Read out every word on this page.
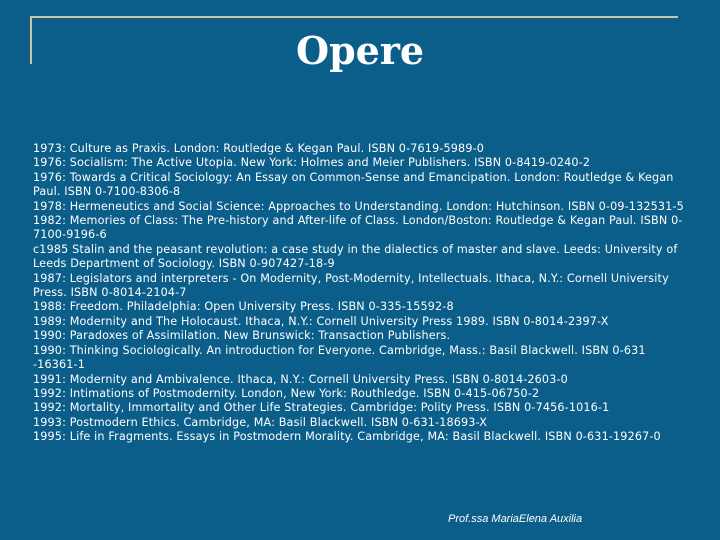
Opere
1973: Culture as Praxis. London: Routledge & Kegan Paul. ISBN 0-7619-5989-0
1976: Socialism: The Active Utopia. New York: Holmes and Meier Publishers. ISBN 0-8419-0240-2
1976: Towards a Critical Sociology: An Essay on Common-Sense and Emancipation. London: Routledge & Kegan Paul. ISBN 0-7100-8306-8
1978: Hermeneutics and Social Science: Approaches to Understanding. London: Hutchinson. ISBN 0-09-132531-5
1982: Memories of Class: The Pre-history and After-life of Class. London/Boston: Routledge & Kegan Paul. ISBN 0-7100-9196-6
c1985 Stalin and the peasant revolution: a case study in the dialectics of master and slave. Leeds: University of Leeds Department of Sociology. ISBN 0-907427-18-9
1987: Legislators and interpreters - On Modernity, Post-Modernity, Intellectuals. Ithaca, N.Y.: Cornell University Press. ISBN 0-8014-2104-7
1988: Freedom. Philadelphia: Open University Press. ISBN 0-335-15592-8
1989: Modernity and The Holocaust. Ithaca, N.Y.: Cornell University Press 1989. ISBN 0-8014-2397-X
1990: Paradoxes of Assimilation. New Brunswick: Transaction Publishers.
1990: Thinking Sociologically. An introduction for Everyone. Cambridge, Mass.: Basil Blackwell. ISBN 0-631 -16361-1
1991: Modernity and Ambivalence. Ithaca, N.Y.: Cornell University Press. ISBN 0-8014-2603-0
1992: Intimations of Postmodernity. London, New York: Routhledge. ISBN 0-415-06750-2
1992: Mortality, Immortality and Other Life Strategies. Cambridge: Polity Press. ISBN 0-7456-1016-1
1993: Postmodern Ethics. Cambridge, MA: Basil Blackwell. ISBN 0-631-18693-X
1995: Life in Fragments. Essays in Postmodern Morality. Cambridge, MA: Basil Blackwell. ISBN 0-631-19267-0
Prof.ssa MariaElena Auxilia
